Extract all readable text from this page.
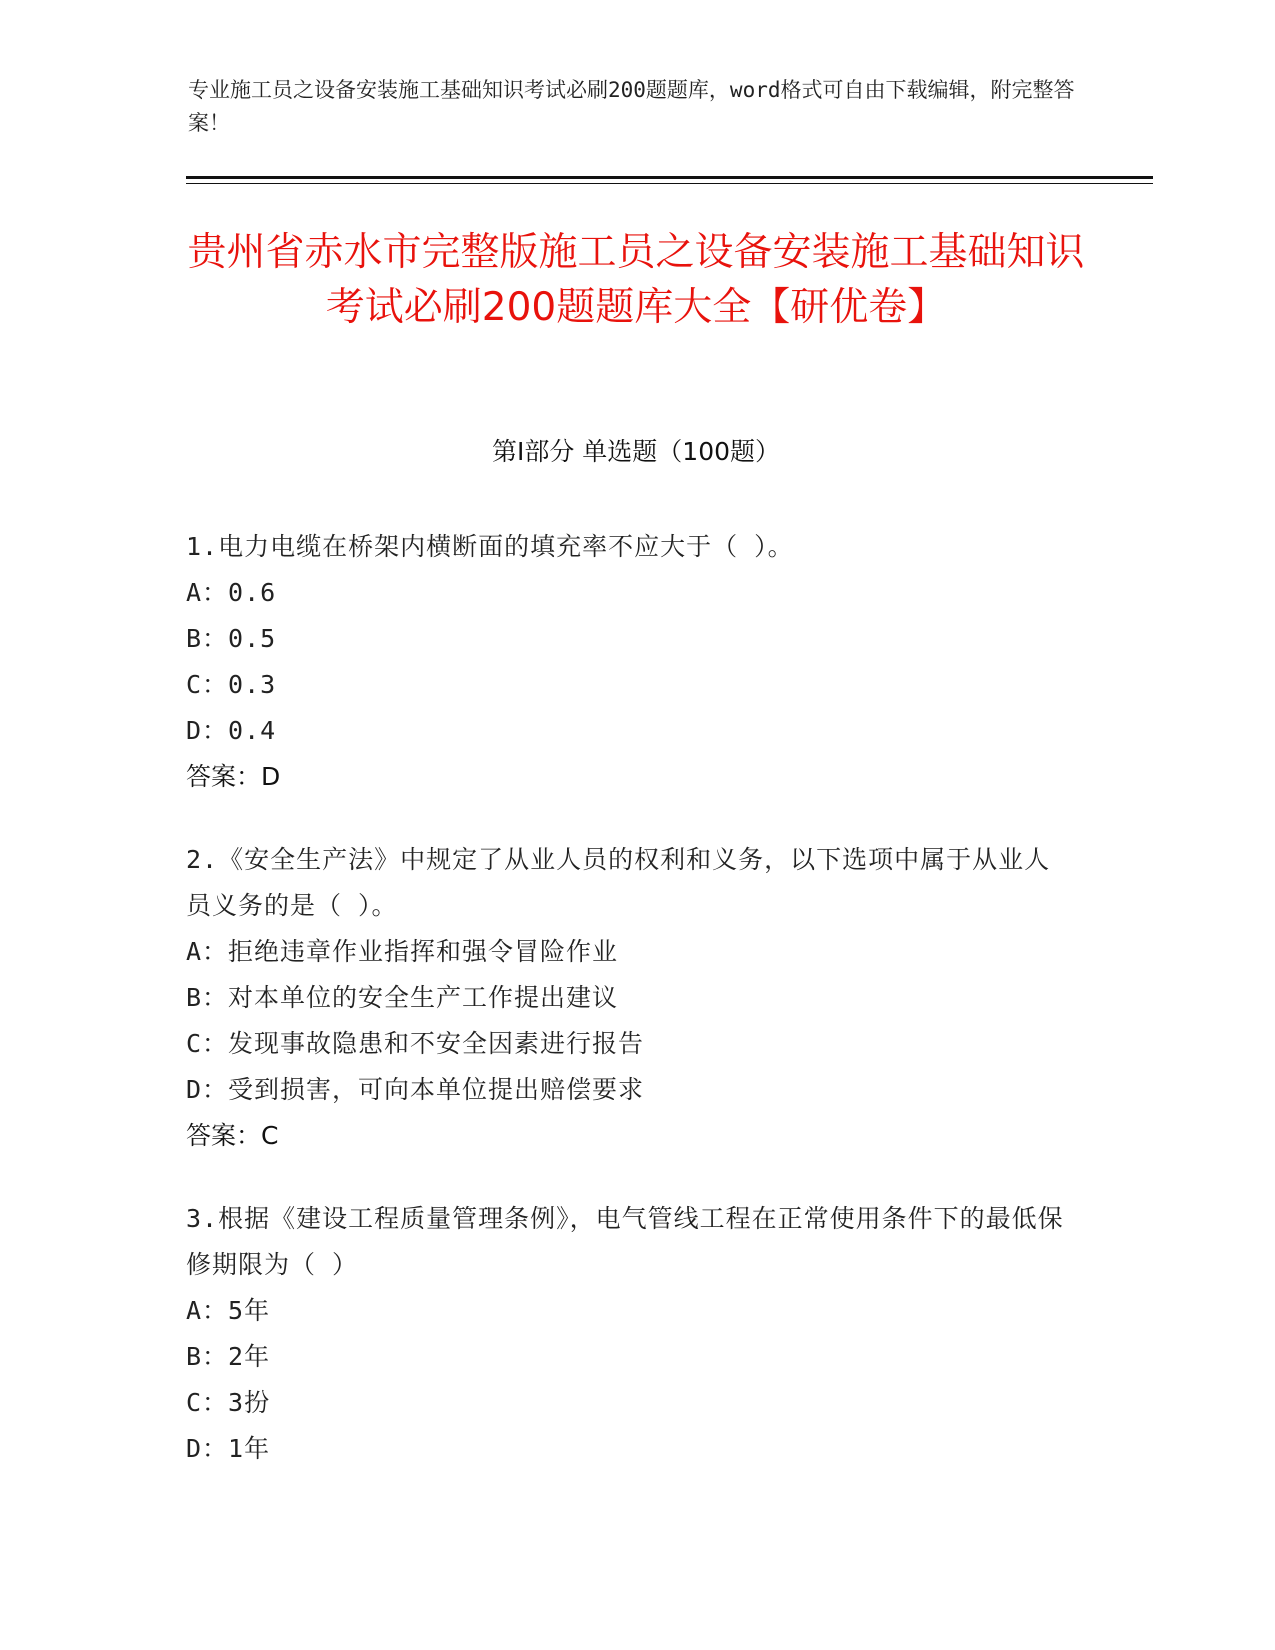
专业施工员之设备安装施工基础知识考试必刷200题题库，word格式可自由下载编辑，附完整答案！
贵州省赤水市完整版施工员之设备安装施工基础知识考试必刷200题题库大全【研优卷】
第Ⅰ部分 单选题（100题）
1.电力电缆在桥架内横断面的填充率不应大于（ ）。
A：0.6
B：0.5
C：0.3
D：0.4
答案：D
2.《安全生产法》中规定了从业人员的权利和义务，以下选项中属于从业人员义务的是（ ）。
A：拒绝违章作业指挥和强令冒险作业
B：对本单位的安全生产工作提出建议
C：发现事故隐患和不安全因素进行报告
D：受到损害，可向本单位提出赔偿要求
答案：C
3.根据《建设工程质量管理条例》，电气管线工程在正常使用条件下的最低保修期限为（ ）
A：5年
B：2年
C：3扮
D：1年
